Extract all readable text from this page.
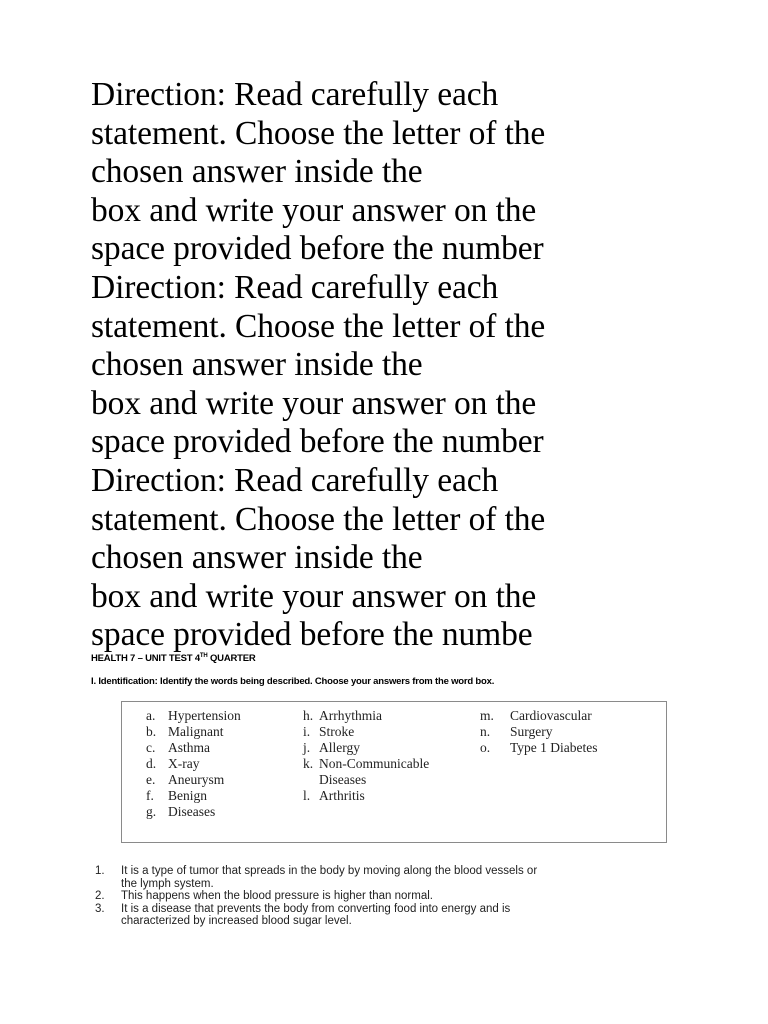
Direction: Read carefully each
statement. Choose the letter of the
chosen answer inside the
box and write your answer on the
space provided before the number
Direction: Read carefully each
statement. Choose the letter of the
chosen answer inside the
box and write your answer on the
space provided before the number
Direction: Read carefully each
statement. Choose the letter of the
chosen answer inside the
box and write your answer on the
space provided before the numbe
HEALTH 7 – UNIT TEST 4TH QUARTER
I. Identification: Identify the words being described. Choose your answers from the word box.
a. Hypertension
b. Malignant
c. Asthma
d. X-ray
e. Aneurysm
f.	Benign
g. Diseases
h. Arrhythmia
i. Stroke
j. Allergy
k. Non-Communicable
Diseases
l. Arthritis
m.	Cardiovascular
n.	Surgery
o.	Type 1 Diabetes
1.	It is a type of tumor that spreads in the body by moving along the blood vessels or
the lymph system.
2.	This happens when the blood pressure is higher than normal.
3.	It is a disease that prevents the body from converting food into energy and is
characterized by increased blood sugar level.
